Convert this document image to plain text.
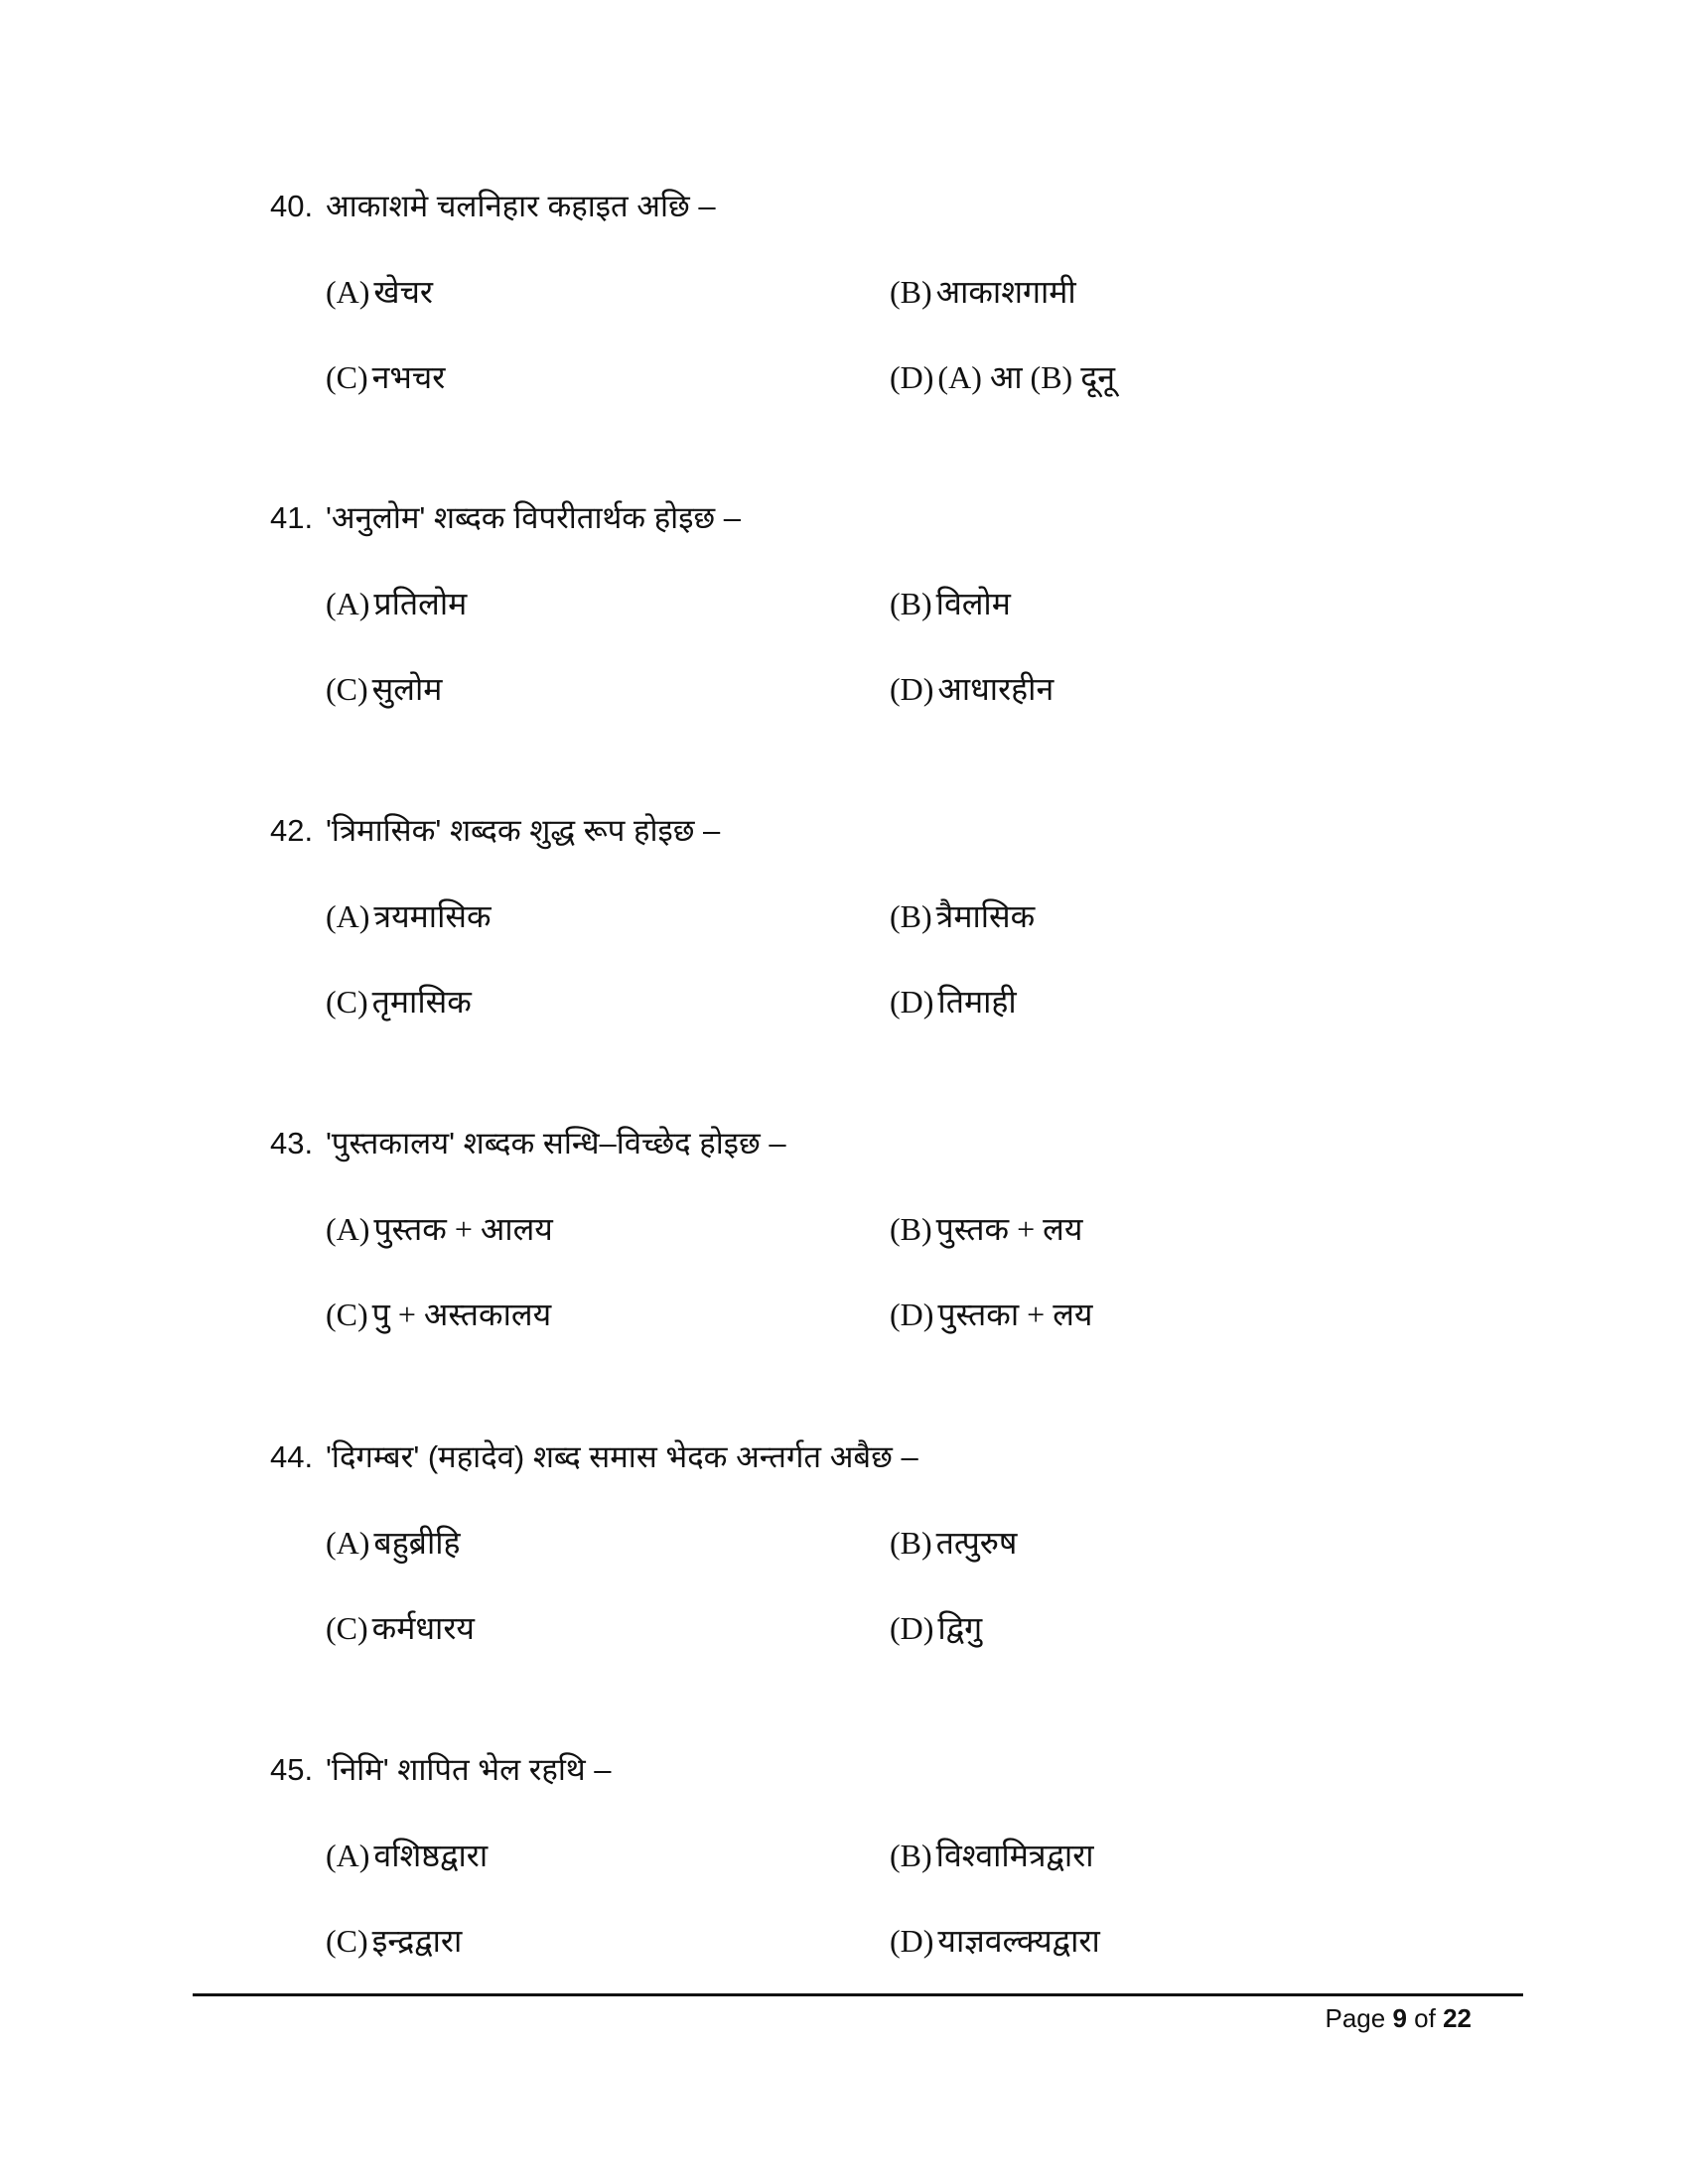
40. आकाशमे चलनिहार कहाइत अछि –
(A) खेचर	(B) आकाशगामी
(C) नभचर	(D) (A) आ (B) दूनू
41. 'अनुलोम' शब्दक विपरीतार्थक होइछ –
(A) प्रतिलोम	(B) विलोम
(C) सुलोम	(D) आधारहीन
42. 'त्रिमासिक' शब्दक शुद्ध रूप होइछ –
(A) त्रयमासिक	(B) त्रैमासिक
(C) तृमासिक	(D) तिमाही
43. 'पुस्तकालय' शब्दक सन्धि–विच्छेद होइछ –
(A) पुस्तक + आलय	(B) पुस्तक + लय
(C) पु + अस्तकालय	(D) पुस्तका + लय
44. 'दिगम्बर' (महादेव) शब्द समास भेदक अन्तर्गत अबैछ –
(A) बहुब्रीहि	(B) तत्पुरुष
(C) कर्मधारय	(D) द्विगु
45. 'निमि' शापित भेल रहथि –
(A) वशिष्ठद्वारा	(B) विश्वामित्रद्वारा
(C) इन्द्रद्वारा	(D) याज्ञवल्क्यद्वारा
Page 9 of 22
